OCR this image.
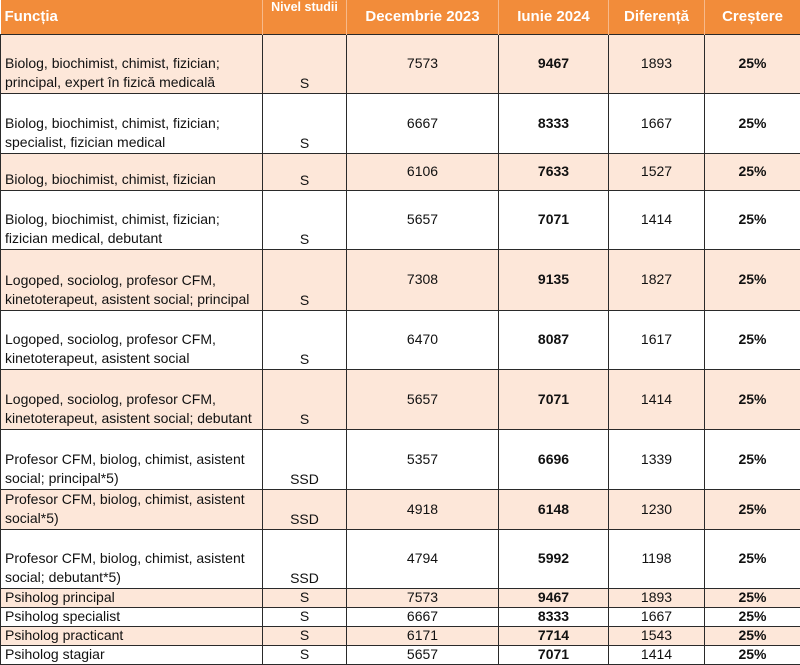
Funcția	Nivel studii	Decembrie 2023	Iunie 2024	Diferență	Creștere
Biolog, biochimist, chimist, fizician; principal, expert în fizică medicală	S	7573	9467	1893	25%
Biolog, biochimist, chimist, fizician; specialist, fizician medical	S	6667	8333	1667	25%
Biolog, biochimist, chimist, fizician	S	6106	7633	1527	25%
Biolog, biochimist, chimist, fizician; fizician medical, debutant	S	5657	7071	1414	25%
Logoped, sociolog, profesor CFM, kinetoterapeut, asistent social; principal	S	7308	9135	1827	25%
Logoped, sociolog, profesor CFM, kinetoterapeut, asistent social	S	6470	8087	1617	25%
Logoped, sociolog, profesor CFM, kinetoterapeut, asistent social; debutant	S	5657	7071	1414	25%
Profesor CFM, biolog, chimist, asistent social; principal*5)	SSD	5357	6696	1339	25%
Profesor CFM, biolog, chimist, asistent social*5)	SSD	4918	6148	1230	25%
Profesor CFM, biolog, chimist, asistent social; debutant*5)	SSD	4794	5992	1198	25%
Psiholog principal	S	7573	9467	1893	25%
Psiholog specialist	S	6667	8333	1667	25%
Psiholog practicant	S	6171	7714	1543	25%
Psiholog stagiar	S	5657	7071	1414	25%
